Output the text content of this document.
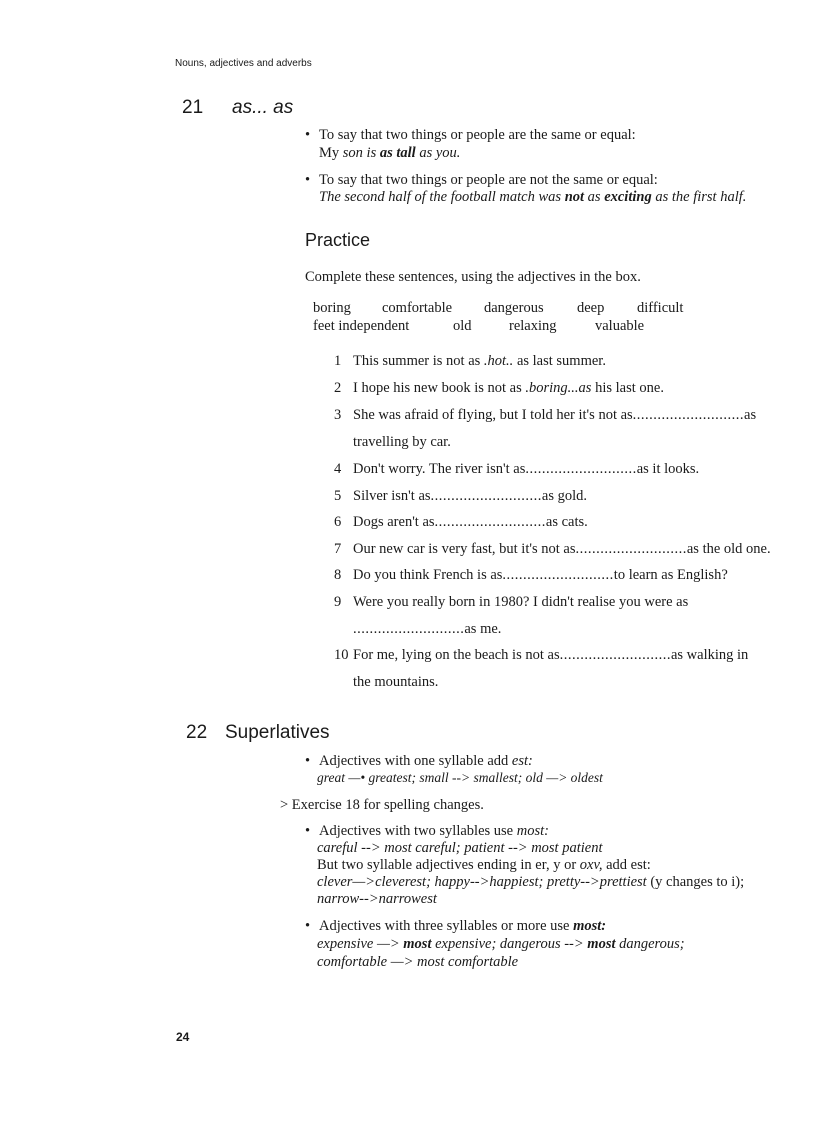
Nouns, adjectives and adverbs
21 as... as
• To say that two things or people are the same or equal:
My son is as tall as you.
• To say that two things or people are not the same or equal:
The second half of the football match was not as exciting as the first half.
Practice
Complete these sentences, using the adjectives in the box.
boring comfortable dangerous deep difficult
feet independent	old	relaxing	valuable
1 This summer is not as .hot.. as last summer.
2 I hope his new book is not as .boring...as his last one.
3 She was afraid of flying, but I told her it's not as...........................as
travelling by car.
4 Don't worry. The river isn't as...........................as it looks.
5 Silver isn't as...........................as gold.
6 Dogs aren't as...........................as cats.
7 Our new car is very fast, but it's not as...........................as the old one.
8 Do you think French is as...........................to learn as English?
9 Were you really born in 1980? I didn't realise you were as
...........................as me.
10 For me, lying on the beach is not as...........................as walking in
the mountains.
22 Superlatives
• Adjectives with one syllable add est:
great —• greatest; small --> smallest; old —> oldest
> Exercise 18 for spelling changes.
• Adjectives with two syllables use most:
careful --> most careful; patient --> most patient
But two syllable adjectives ending in er, y or oxv, add est:
clever—>cleverest; happy-->happiest; pretty-->prettiest (y changes to i);
narrow-->narrowest
• Adjectives with three syllables or more use most:
expensive —> most expensive; dangerous --> most dangerous;
comfortable —> most comfortable
24
